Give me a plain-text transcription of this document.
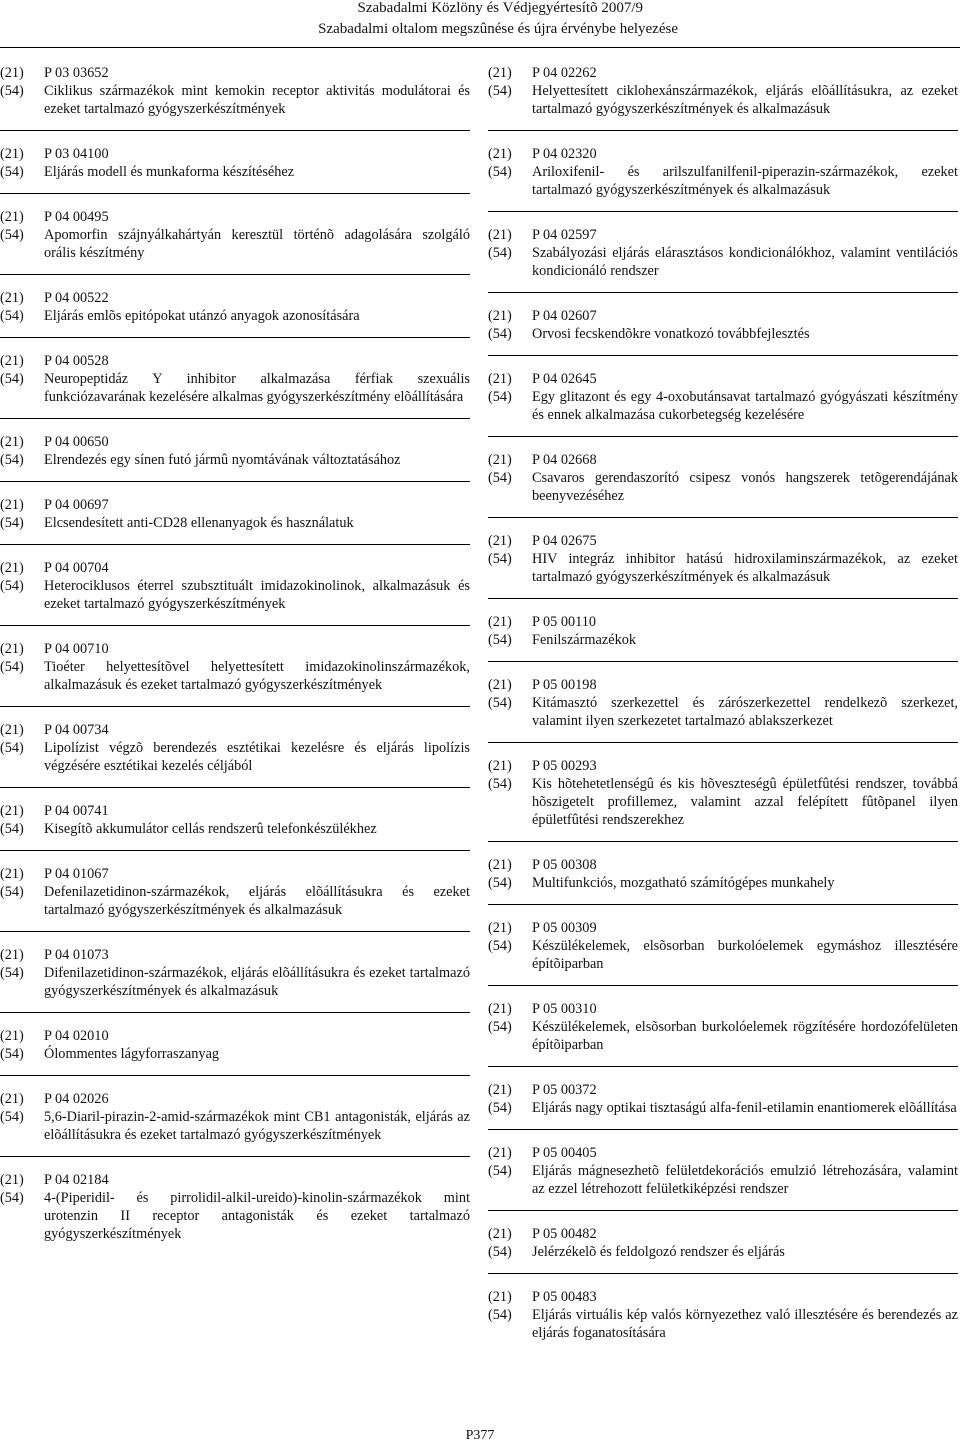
Szabadalmi Közlöny és Védjegyértesítõ 2007/9
Szabadalmi oltalom megszûnése és újra érvénybe helyezése
(21)	P 03 03652
(54)	Ciklikus származékok mint kemokin receptor aktivitás modulátorai és ezeket tartalmazó gyógyszerkészítmények
(21)	P 03 04100
(54)	Eljárás modell és munkaforma készítéséhez
(21)	P 04 00495
(54)	Apomorfin szájnyálkahártyán keresztül történõ adagolására szolgáló orális készítmény
(21)	P 04 00522
(54)	Eljárás emlõs epitópokat utánzó anyagok azonosítására
(21)	P 04 00528
(54)	Neuropeptidáz Y inhibitor alkalmazása férfiak szexuális funkciózavarának kezelésére alkalmas gyógyszerkészítmény elõállítására
(21)	P 04 00650
(54)	Elrendezés egy sínen futó jármû nyomtávának változtatásához
(21)	P 04 00697
(54)	Elcsendesített anti-CD28 ellenanyagok és használatuk
(21)	P 04 00704
(54)	Heterociklusos éterrel szubsztituált imidazokinolinok, alkalmazásuk és ezeket tartalmazó gyógyszerkészítmények
(21)	P 04 00710
(54)	Tioéter helyettesítõvel helyettesített imidazokinolinszármazékok, alkalmazásuk és ezeket tartalmazó gyógyszerkészítmények
(21)	P 04 00734
(54)	Lipolízist végzõ berendezés esztétikai kezelésre és eljárás lipolízis végzésére esztétikai kezelés céljából
(21)	P 04 00741
(54)	Kisegítõ akkumulátor cellás rendszerû telefonkészülékhez
(21)	P 04 01067
(54)	Defenilazetidinon-származékok, eljárás elõállításukra és ezeket tartalmazó gyógyszerkészítmények és alkalmazásuk
(21)	P 04 01073
(54)	Difenilazetidinon-származékok, eljárás elõállításukra és ezeket tartalmazó gyógyszerkészítmények és alkalmazásuk
(21)	P 04 02010
(54)	Ólommentes lágyforraszanyag
(21)	P 04 02026
(54)	5,6-Diaril-pirazin-2-amid-származékok mint CB1 antagonisták, eljárás az elõállításukra és ezeket tartalmazó gyógyszerkészítmények
(21)	P 04 02184
(54)	4-(Piperidil- és pirrolidil-alkil-ureido)-kinolin-származékok mint urotenzin II receptor antagonisták és ezeket tartalmazó gyógyszerkészítmények
(21)	P 04 02262
(54)	Helyettesített ciklohexánszármazékok, eljárás elõállításukra, az ezeket tartalmazó gyógyszerkészítmények és alkalmazásuk
(21)	P 04 02320
(54)	Ariloxifenil- és arilszulfanilfenil-piperazin-származékok, ezeket tartalmazó gyógyszerkészítmények és alkalmazásuk
(21)	P 04 02597
(54)	Szabályozási eljárás elárasztásos kondicionálókhoz, valamint ventilációs kondicionáló rendszer
(21)	P 04 02607
(54)	Orvosi fecskendõkre vonatkozó továbbfejlesztés
(21)	P 04 02645
(54)	Egy glitazont és egy 4-oxobutánsavat tartalmazó gyógyászati készítmény és ennek alkalmazása cukorbetegség kezelésére
(21)	P 04 02668
(54)	Csavaros gerendaszorító csipesz vonós hangszerek tetõgerendájának beenyvezéséhez
(21)	P 04 02675
(54)	HIV integráz inhibitor hatású hidroxilaminszármazékok, az ezeket tartalmazó gyógyszerkészítmények és alkalmazásuk
(21)	P 05 00110
(54)	Fenilszármazékok
(21)	P 05 00198
(54)	Kitámasztó szerkezettel és zárószerkezettel rendelkezõ szerkezet, valamint ilyen szerkezetet tartalmazó ablakszerkezet
(21)	P 05 00293
(54)	Kis hõtehetetlenségû és kis hõveszteségû épületfûtési rendszer, továbbá hõszigetelt profillemez, valamint azzal felépített fûtõpanel ilyen épületfûtési rendszerekhez
(21)	P 05 00308
(54)	Multifunkciós, mozgatható számítógépes munkahely
(21)	P 05 00309
(54)	Készülékelemek, elsõsorban burkolóelemek egymáshoz illesztésére építõiparban
(21)	P 05 00310
(54)	Készülékelemek, elsõsorban burkolóelemek rögzítésére hordozófelületen építõiparban
(21)	P 05 00372
(54)	Eljárás nagy optikai tisztaságú alfa-fenil-etilamin enantiomerek elõállítása
(21)	P 05 00405
(54)	Eljárás mágnesezhetõ felületdekorációs emulzió létrehozására, valamint az ezzel létrehozott felületkiképzési rendszer
(21)	P 05 00482
(54)	Jelérzékelõ és feldolgozó rendszer és eljárás
(21)	P 05 00483
(54)	Eljárás virtuális kép valós környezethez való illesztésére és berendezés az eljárás foganatosítására
P377
